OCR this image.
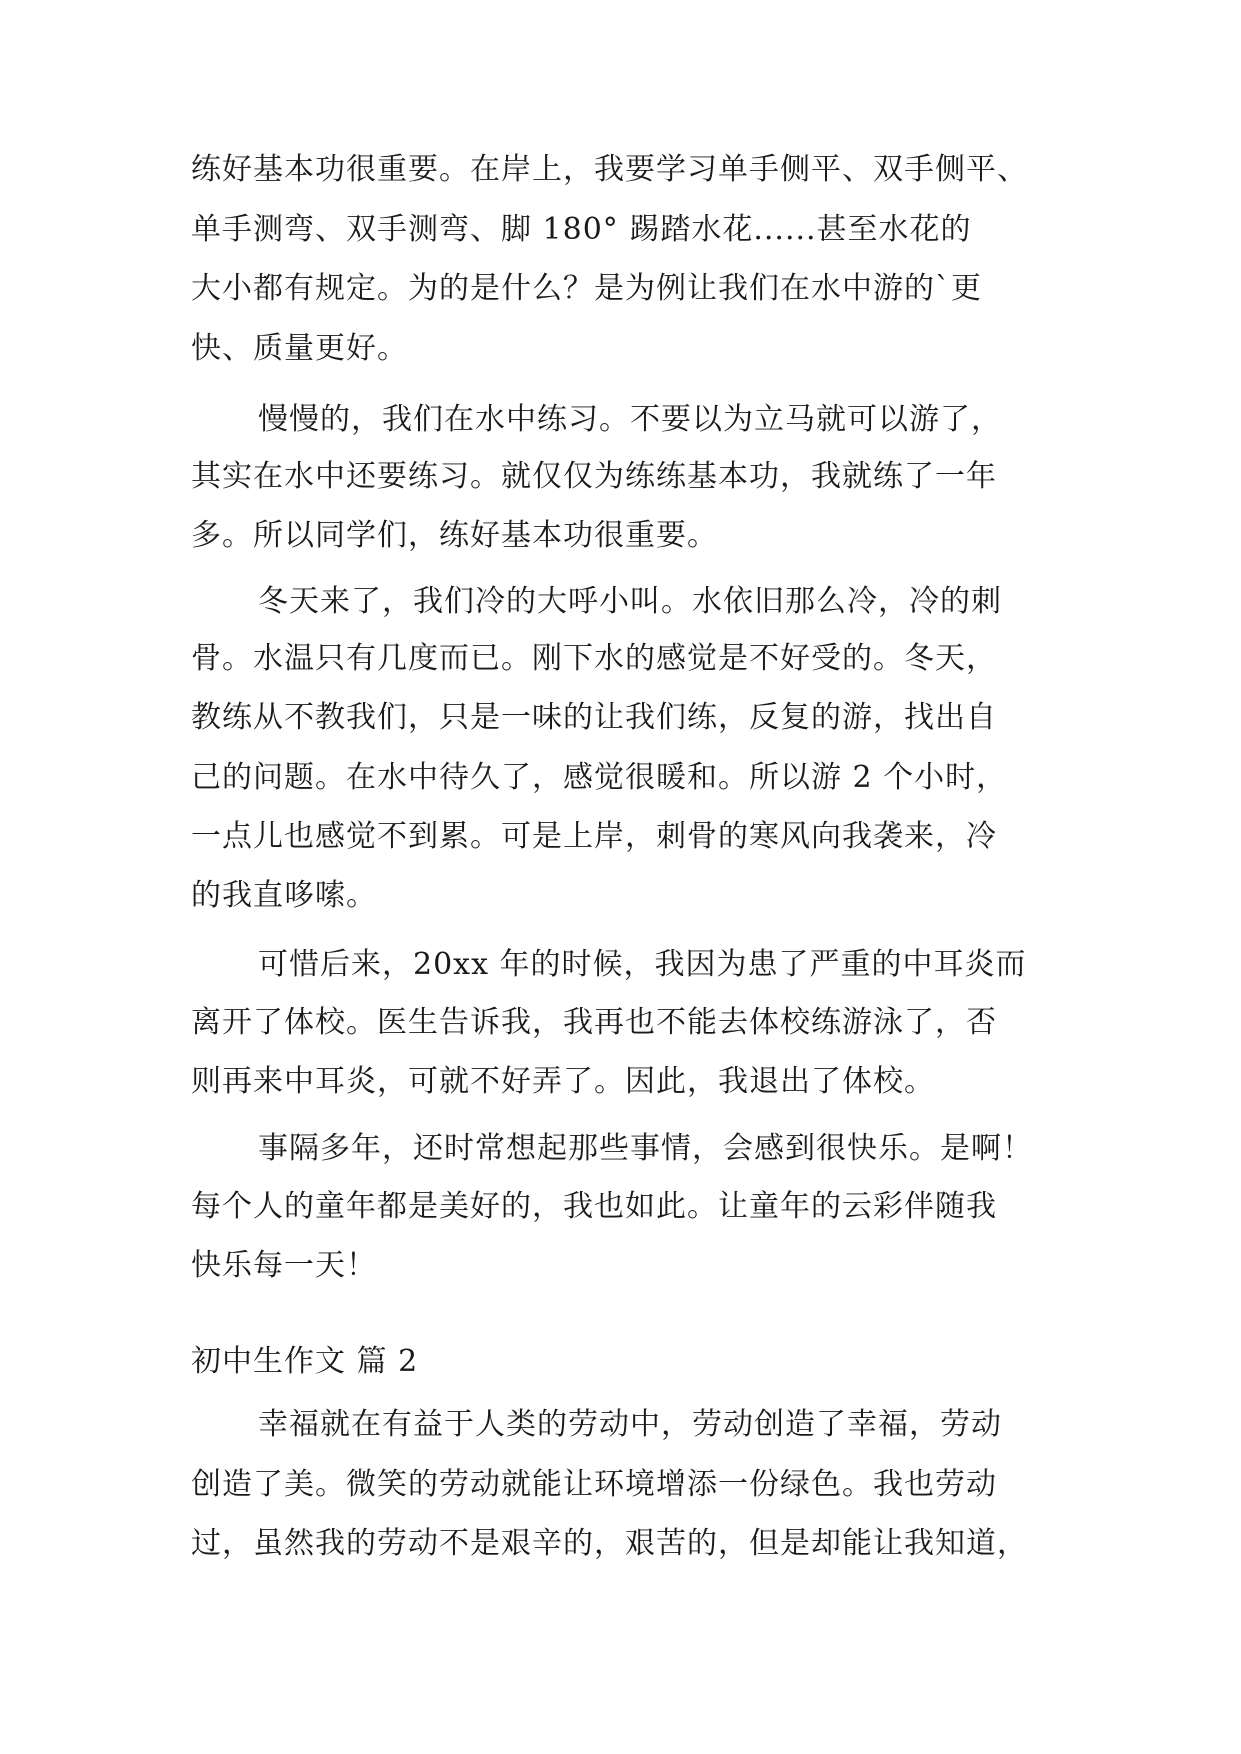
练好基本功很重要。在岸上，我要学习单手侧平、双手侧平、
单手测弯、双手测弯、脚 180° 踢踏水花......甚至水花的
大小都有规定。为的是什么？是为例让我们在水中游的`更
快、质量更好。
慢慢的，我们在水中练习。不要以为立马就可以游了，
其实在水中还要练习。就仅仅为练练基本功，我就练了一年
多。所以同学们，练好基本功很重要。
冬天来了，我们冷的大呼小叫。水依旧那么冷，冷的刺
骨。水温只有几度而已。刚下水的感觉是不好受的。冬天，
教练从不教我们，只是一味的让我们练，反复的游，找出自
己的问题。在水中待久了，感觉很暖和。所以游 2 个小时，
一点儿也感觉不到累。可是上岸，刺骨的寒风向我袭来，冷
的我直哆嗦。
可惜后来，20xx 年的时候，我因为患了严重的中耳炎而
离开了体校。医生告诉我，我再也不能去体校练游泳了，否
则再来中耳炎，可就不好弄了。因此，我退出了体校。
事隔多年，还时常想起那些事情，会感到很快乐。是啊！
每个人的童年都是美好的，我也如此。让童年的云彩伴随我
快乐每一天！
初中生作文 篇 2
幸福就在有益于人类的劳动中，劳动创造了幸福，劳动
创造了美。微笑的劳动就能让环境增添一份绿色。我也劳动
过，虽然我的劳动不是艰辛的，艰苦的，但是却能让我知道，
